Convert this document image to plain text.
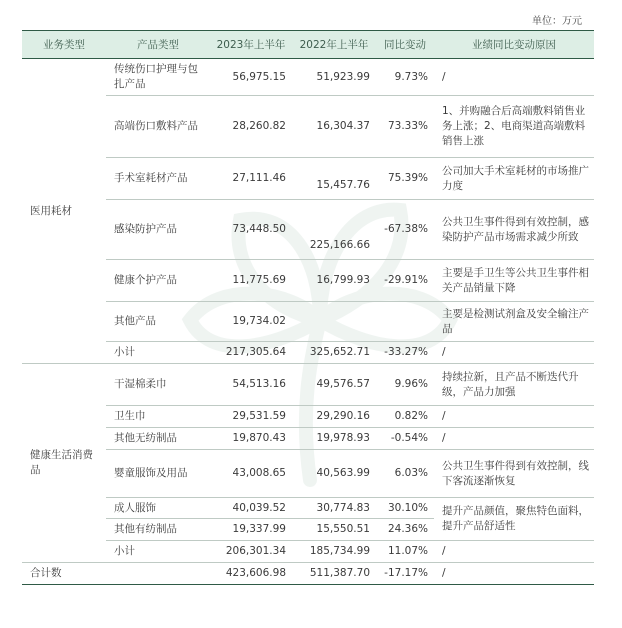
单位：万元
业务类型	产品类型	2023年上半年	2022年上半年	同比变动	业绩同比变动原因
医用耗材	传统伤口护理与包扎产品	56,975.15	51,923.99	9.73%	/
	高端伤口敷料产品	28,260.82	16,304.37	73.33%	1、并购融合后高端敷料销售业务上涨；2、电商渠道高端敷料销售上涨
	手术室耗材产品	27,111.46	15,457.76	75.39%	公司加大手术室耗材的市场推广力度
	感染防护产品	73,448.50	225,166.66	-67.38%	公共卫生事件得到有效控制，感染防护产品市场需求减少所致
	健康个护产品	11,775.69	16,799.93	-29.91%	主要是手卫生等公共卫生事件相关产品销量下降
	其他产品	19,734.02			主要是检测试剂盒及安全输注产品
	小计	217,305.64	325,652.71	-33.27%	/
健康生活消费品	干湿棉柔巾	54,513.16	49,576.57	9.96%	持续拉新，且产品不断迭代升级，产品力加强
	卫生巾	29,531.59	29,290.16	0.82%	/
	其他无纺制品	19,870.43	19,978.93	-0.54%	/
	婴童服饰及用品	43,008.65	40,563.99	6.03%	公共卫生事件得到有效控制，线下客流逐渐恢复
	成人服饰	40,039.52	30,774.83	30.10%	提升产品颜值，聚焦特色面料，提升产品舒适性
	其他有纺制品	19,337.99	15,550.51	24.36%	
	小计	206,301.34	185,734.99	11.07%	/
合计数		423,606.98	511,387.70	-17.17%	/
